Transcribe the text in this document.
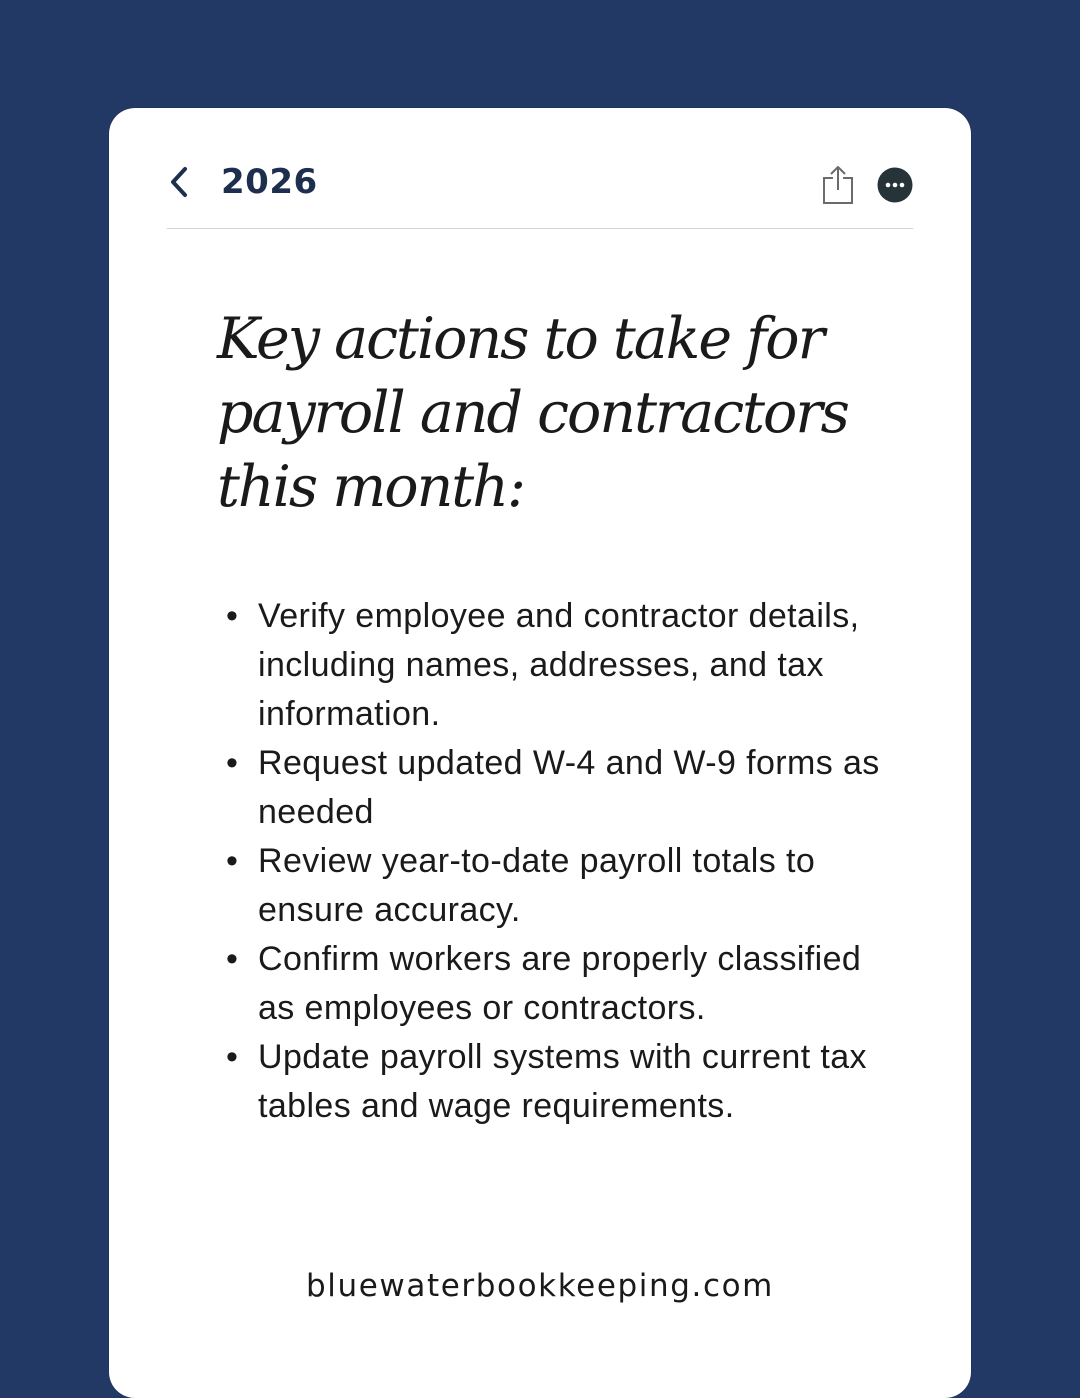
2026
Key actions to take for payroll and contractors this month:
• Verify employee and contractor details, including names, addresses, and tax information.
• Request updated W-4 and W-9 forms as needed
• Review year-to-date payroll totals to ensure accuracy.
• Confirm workers are properly classified as employees or contractors.
• Update payroll systems with current tax tables and wage requirements.
bluewaterbookkeeping.com
